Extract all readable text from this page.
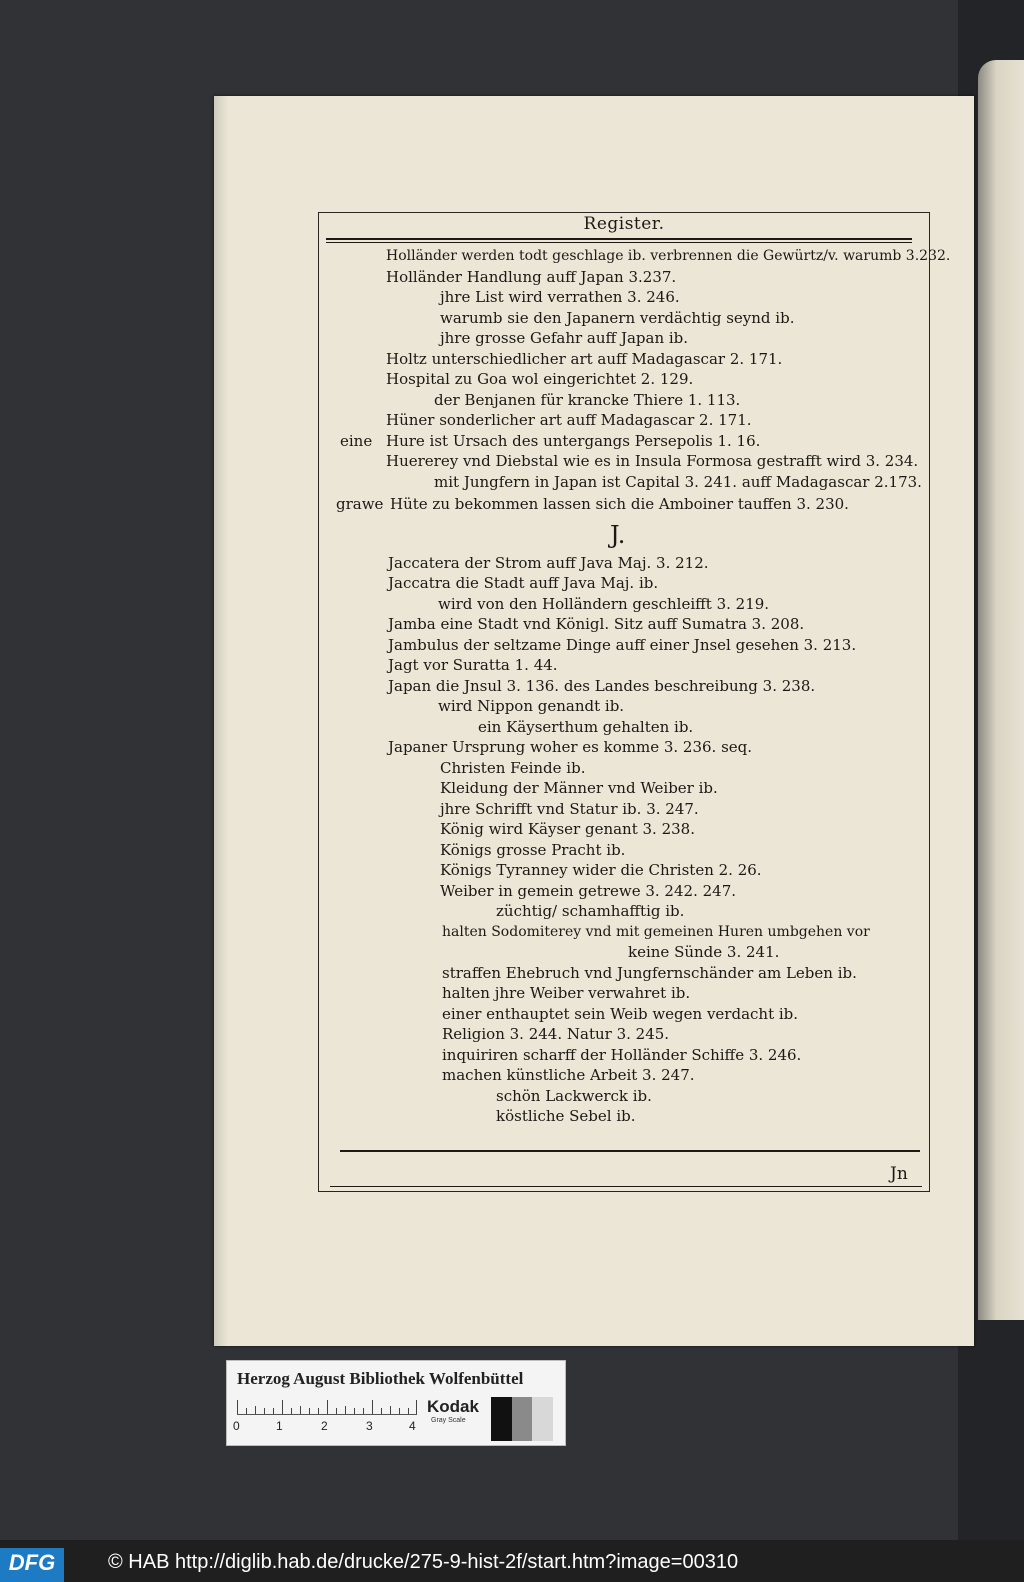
Register.
Holländer werden todt geschlage ib. verbrennen die Gewürtz/v. warumb 3.232.
Holländer Handlung auff Japan 3.237.
jhre List wird verrathen 3. 246.
warumb sie den Japanern verdächtig seynd ib.
jhre grosse Gefahr auff Japan ib.
Holtz unterschiedlicher art auff Madagascar 2. 171.
Hospital zu Goa wol eingerichtet 2. 129.
der Benjanen für krancke Thiere 1. 113.
Hüner sonderlicher art auff Madagascar 2. 171.
eine Hure ist Ursach des untergangs Persepolis 1. 16.
Huererey vnd Diebstal wie es in Insula Formosa gestrafft wird 3. 234.
mit Jungfern in Japan ist Capital 3. 241. auff Madagascar 2.173.
grawe Hüte zu bekommen lassen sich die Amboiner tauffen 3. 230.
J.
Jaccatera der Strom auff Java Maj. 3. 212.
Jaccatra die Stadt auff Java Maj. ib.
wird von den Holländern geschleifft 3. 219.
Jamba eine Stadt vnd Königl. Sitz auff Sumatra 3. 208.
Jambulus der seltzame Dinge auff einer Jnsel gesehen 3. 213.
Jagt vor Suratta 1. 44.
Japan die Jnsul 3. 136. des Landes beschreibung 3. 238.
wird Nippon genandt ib.
ein Käyserthum gehalten ib.
Japaner Ursprung woher es komme 3. 236. seq.
Christen Feinde ib.
Kleidung der Männer vnd Weiber ib.
jhre Schrifft vnd Statur ib. 3. 247.
König wird Käyser genant 3. 238.
Königs grosse Pracht ib.
Königs Tyranney wider die Christen 2. 26.
Weiber in gemein getrewe 3. 242. 247.
züchtig/ schamhafftig ib.
halten Sodomiterey vnd mit gemeinen Huren umbgehen vor
keine Sünde 3. 241.
straffen Ehebruch vnd Jungfernschänder am Leben ib.
halten jhre Weiber verwahret ib.
einer enthauptet sein Weib wegen verdacht ib.
Religion 3. 244. Natur 3. 245.
inquiriren scharff der Holländer Schiffe 3. 246.
machen künstliche Arbeit 3. 247.
schön Lackwerck ib.
köstliche Sebel ib.
Jn
Herzog August Bibliothek Wolfenbüttel
0	1	2	3	4
Kodak
Gray Scale
DFG	© HAB http://diglib.hab.de/drucke/275-9-hist-2f/start.htm?image=00310
